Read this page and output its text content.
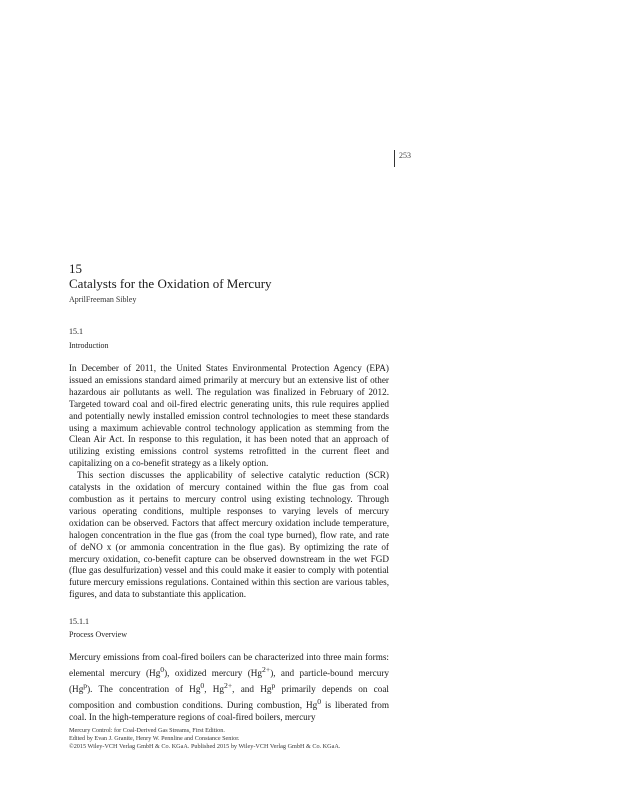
253
15
Catalysts for the Oxidation of Mercury
AprilFreeman Sibley
15.1
Introduction

In December of 2011, the United States Environmental Protection Agency (EPA) issued an emissions standard aimed primarily at mercury but an extensive list of other hazardous air pollutants as well. The regulation was finalized in February of 2012. Targeted toward coal and oil-fired electric generating units, this rule requires applied and potentially newly installed emission control technologies to meet these standards using a maximum achievable control technology application as stemming from the Clean Air Act. In response to this regulation, it has been noted that an approach of utilizing existing emissions control systems retrofitted in the current fleet and capitalizing on a co-benefit strategy as a likely option.

This section discusses the applicability of selective catalytic reduction (SCR) catalysts in the oxidation of mercury contained within the flue gas from coal combustion as it pertains to mercury control using existing technology. Through various operating conditions, multiple responses to varying levels of mercury oxidation can be observed. Factors that affect mercury oxidation include temperature, halogen concentration in the flue gas (from the coal type burned), flow rate, and rate of deNO x (or ammonia concentration in the flue gas). By optimizing the rate of mercury oxidation, co-benefit capture can be observed downstream in the wet FGD (flue gas desulfurization) vessel and this could make it easier to comply with potential future mercury emissions regulations. Contained within this section are various tables, figures, and data to substantiate this application.

15.1.1
Process Overview

Mercury emissions from coal-fired boilers can be characterized into three main forms: elemental mercury (Hg$^0$), oxidized mercury $(Hg^{2+})$, and particle-bound mercury (Hg$^p$). The concentration of Hg$^0$, $Hg^{2+}$, and Hg$^p$ primarily depends on coal composition and combustion conditions. During combustion, Hg$^0$ is liberated from coal. In the high-temperature regions of coal-fired boilers, mercury

Mercury Control: for Coal-Derived Gas Streams, First Edition.
Edited by Evan J. Granite, Henry W. Pennline and Constance Senior.
©2015 Wiley-VCH Verlag GmbH & Co. KGaA. Published 2015 by Wiley-VCH Verlag GmbH & Co. KGaA.
